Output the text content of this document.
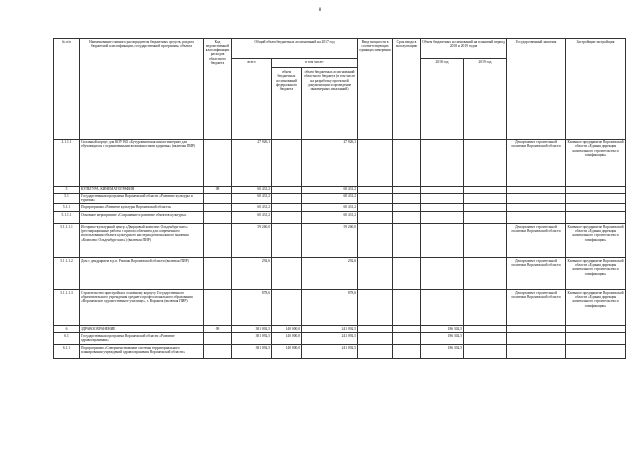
8
№ п/п	Наименование главного распорядителя бюджетных средств, раздела бюджетной классификации, государственной программы, объекта	Код ведомственной классификации расходов областного бюджета	Общий объем бюджетных ассигнований на 2017 год			Ввод мощности в соответствующих единицах измерения	Срок ввода в эксплуатацию	Объем бюджетных ассигнований на плановый период 2018 и 2019 годов		Государственный заказчик	Застройщик-застройщик
			всего	в том числе:				2018 год	2019 год		
				объем бюджетных ассигнований федерального бюджета	объем бюджетных ассигнований областного бюджета (в том числе на разработку проектной документации и проведение инженерных изысканий)						
2.1.1.1	Спальный корпус для КОУ ВО «Бутурлиновская школа-интернат для обучающихся с ограниченными возможностями здоровья» (включая ПИР)		27 926,1		27 926,1					Департамент строительной политики Воронежской области	Казенное предприятие Воронежской области «Единая дирекция капитального строительства и газификации»
5	КУЛЬТУРА, КИНЕМАТОГРАФИЯ	08	60 431,2		60 431,2						
5.1	Государственная программа Воронежской области «Развитие культуры и туризма»		60 431,2		60 431,2						
5.1.1	Подпрограмма «Развитие культуры Воронежской области»		60 431,2		60 431,2						
5.1.1.1	Основное мероприятие «Сохранение и развитие объектов культуры»		60 431,2		60 431,2						
5.1.1.1.1	Историко-культурный центр «Дворцовый комплекс Ольденбургских» (реставрационные работы с приспособлением для современного использования объекта культурного наследия регионального значения «Комплекс Ольденбургских») (включая ПИР)		59 260,0		59 260,0					Департамент строительной политики Воронежской области	Казенное предприятие Воронежской области «Единая дирекция капитального строительства и газификации»
5.1.1.1.2	Дом с дендрарием в р.п. Рамонь Воронежской области (включая ПИР)		292,6		292,6					Департамент строительной политики Воронежской области	Казенное предприятие Воронежской области «Единая дирекция капитального строительства и газификации»
5.1.1.1.3	Строительство пристройки к основному корпусу Государственного образовательного учреждения среднего профессионального образования «Воронежское художественное училище», г. Воронеж (включая ПИР)		878,6		878,6					Департамент строительной политики Воронежской области	Казенное предприятие Воронежской области «Единая дирекция капитального строительства и газификации»
6	ЗДРАВООХРАНЕНИЕ	09	381 092,5	140 000,0	241 092,5			186 302,5			
6.1	Государственная программа Воронежской области «Развитие здравоохранения»		381 092,5	140 000,0	241 092,5			186 302,5			
6.1.1	Подпрограмма «Совершенствование системы территориального планирования учреждений здравоохранения Воронежской области»		381 092,5	140 000,0	241 092,5			186 302,5			
